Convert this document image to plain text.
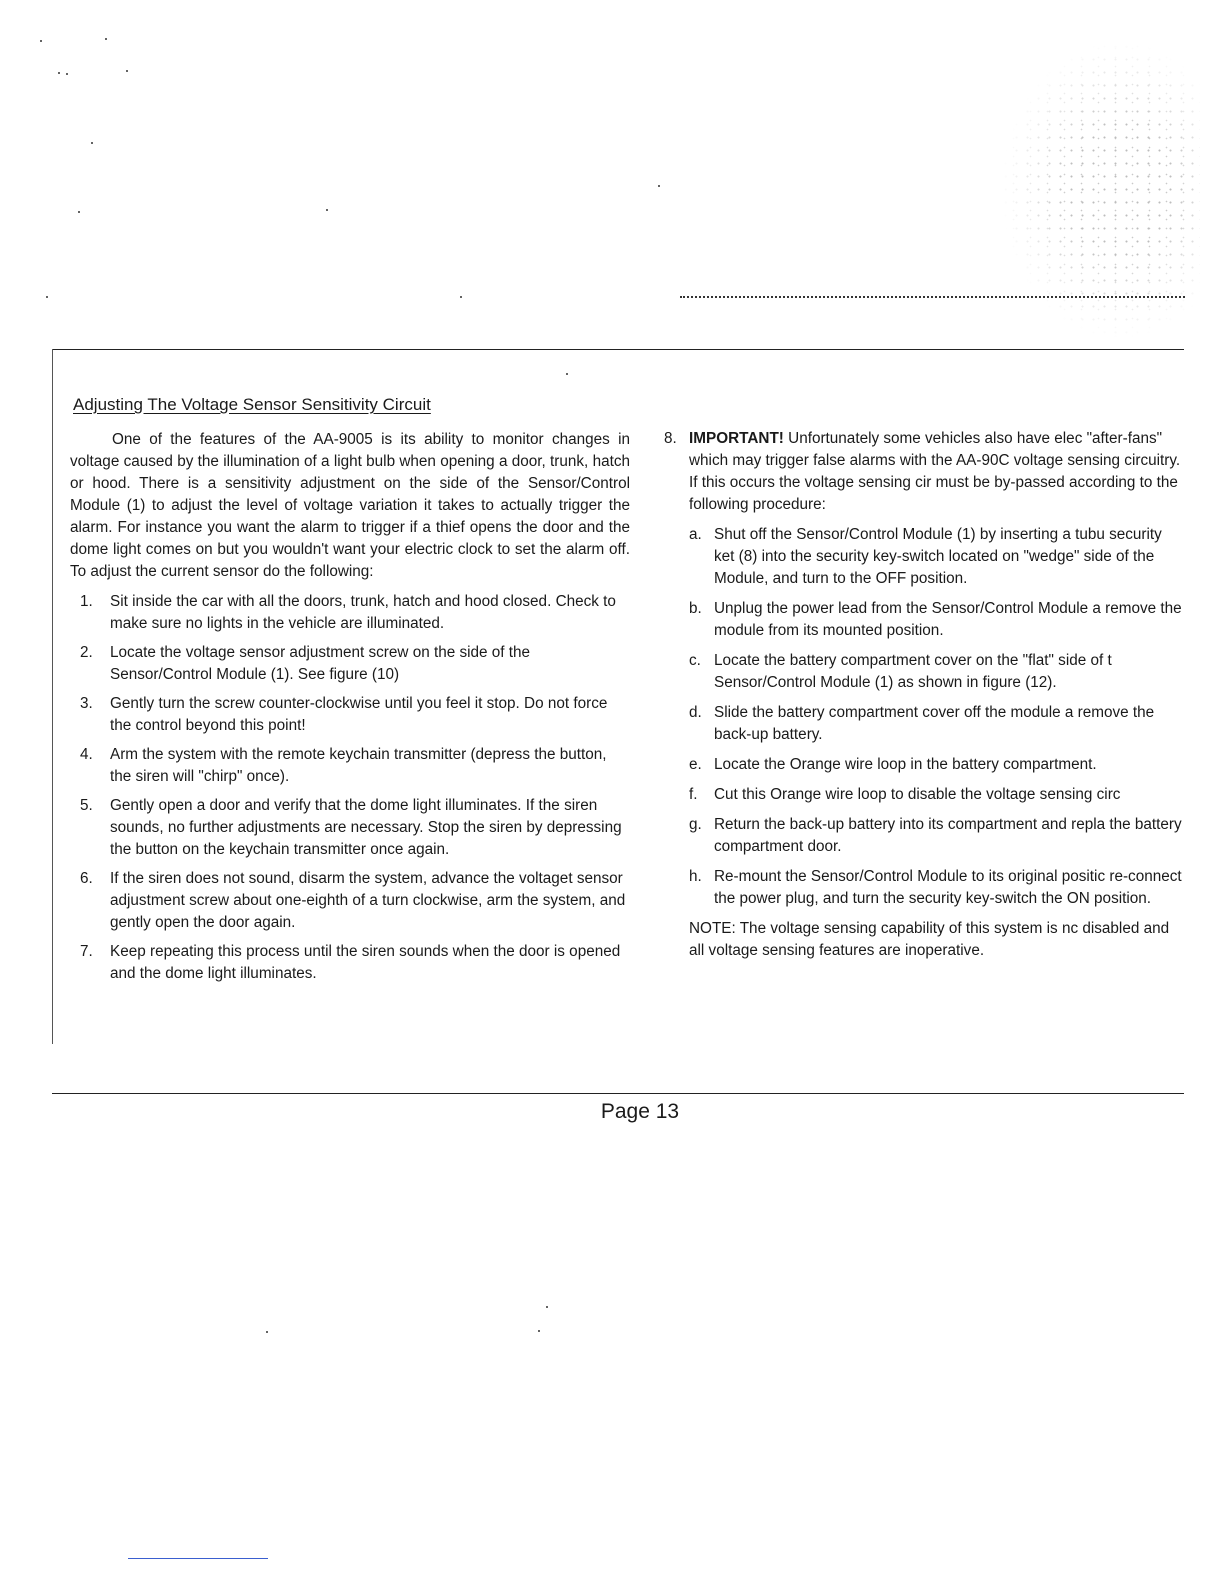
Adjusting The Voltage Sensor Sensitivity Circuit

One of the features of the AA-9005 is its ability to monitor changes in voltage caused by the illumination of a light bulb when opening a door, trunk, hatch or hood. There is a sensitivity adjustment on the side of the Sensor/Control Module (1) to adjust the level of voltage variation it takes to actually trigger the alarm. For instance you want the alarm to trigger if a thief opens the door and the dome light comes on but you wouldn't want your electric clock to set the alarm off. To adjust the current sensor do the following:

1. Sit inside the car with all the doors, trunk, hatch and hood closed. Check to make sure no lights in the vehicle are illuminated.
2. Locate the voltage sensor adjustment screw on the side of the Sensor/Control Module (1). See figure (10)
3. Gently turn the screw counter-clockwise until you feel it stop. Do not force the control beyond this point!
4. Arm the system with the remote keychain transmitter (depress the button, the siren will "chirp" once).
5. Gently open a door and verify that the dome light illuminates. If the siren sounds, no further adjustments are necessary. Stop the siren by depressing the button on the keychain transmitter once again.
6. If the siren does not sound, disarm the system, advance the voltaget sensor adjustment screw about one-eighth of a turn clockwise, arm the system, and gently open the door again.
7. Keep repeating this process until the siren sounds when the door is opened and the dome light illuminates.
8. IMPORTANT! Unfortunately some vehicles also have elec "after-fans" which may trigger false alarms with the AA-90C voltage sensing circuitry. If this occurs the voltage sensing cir must be by-passed according to the following procedure:
a. Shut off the Sensor/Control Module (1) by inserting a tubu security ket (8) into the security key-switch located on "wedge" side of the Module, and turn to the OFF position.
b. Unplug the power lead from the Sensor/Control Module a remove the module from its mounted position.
c. Locate the battery compartment cover on the "flat" side of t Sensor/Control Module (1) as shown in figure (12).
d. Slide the battery compartment cover off the module a remove the back-up battery.
e. Locate the Orange wire loop in the battery compartment.
f. Cut this Orange wire loop to disable the voltage sensing circ
g. Return the back-up battery into its compartment and repla the battery compartment door.
h. Re-mount the Sensor/Control Module to its original positic re-connect the power plug, and turn the security key-switch the ON position.

NOTE: The voltage sensing capability of this system is nc disabled and all voltage sensing features are inoperative.

Page 13
